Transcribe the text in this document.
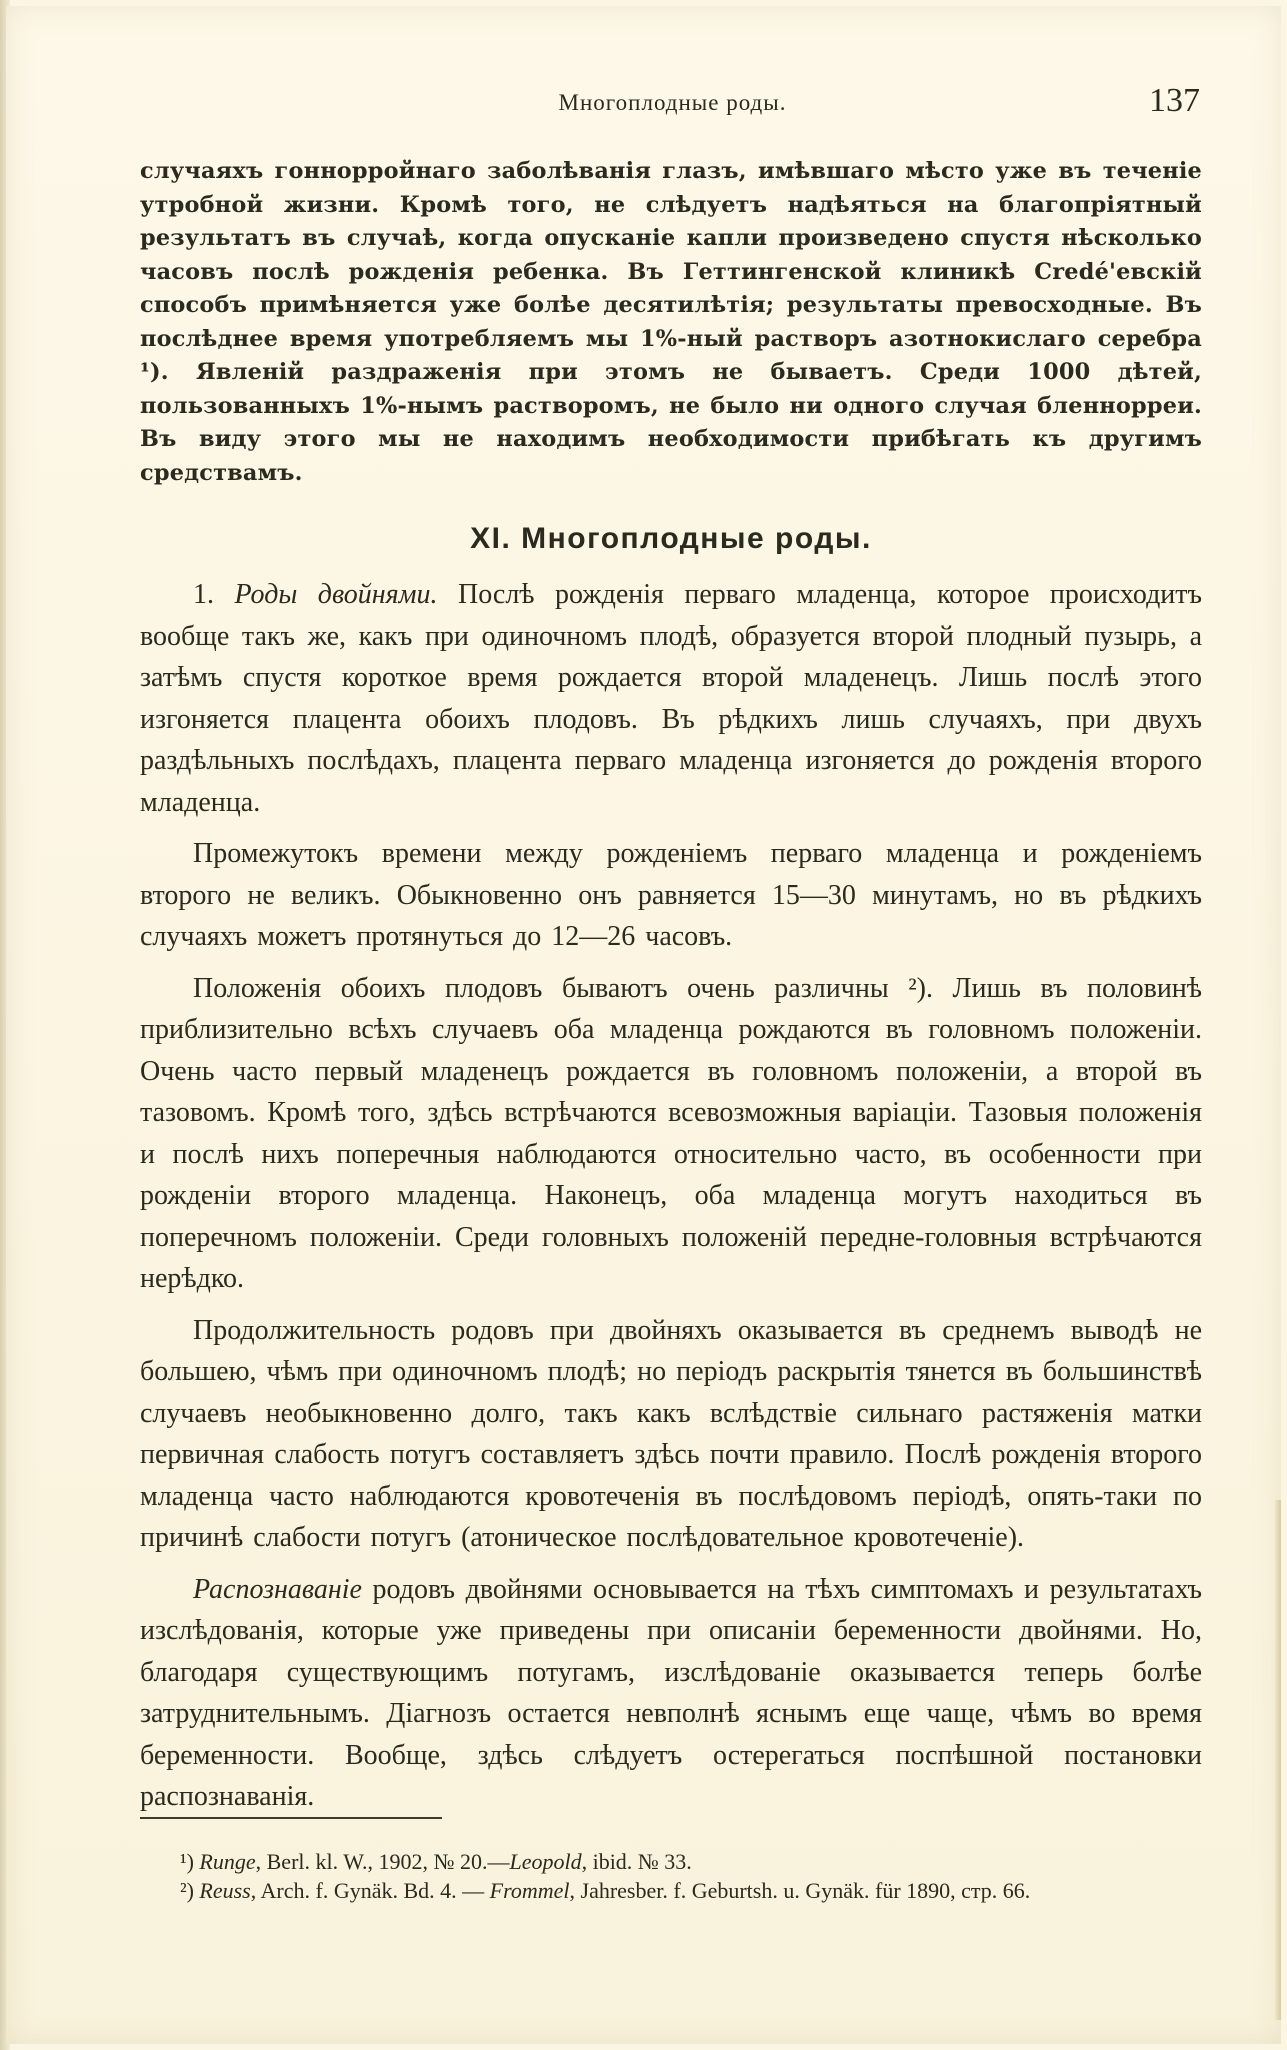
Многоплодные роды.	137

случаяхъ гоннорройнаго заболѣванія глазъ, имѣвшаго мѣсто уже въ теченіе утробной жизни. Кромѣ того, не слѣдуетъ надѣяться на благопріятный результатъ въ случаѣ, когда опусканіе капли произведено спустя нѣсколько часовъ послѣ рожденія ребенка. Въ Геттингенской клиникѣ Credé'евскій способъ примѣняется уже болѣе десятилѣтія; результаты превосходные. Въ послѣднее время употребляемъ мы 1%-ный растворъ азотнокислаго серебра ¹). Явленій раздраженія при этомъ не бываетъ. Среди 1000 дѣтей, пользованныхъ 1%-нымъ растворомъ, не было ни одного случая бленнорреи. Въ виду этого мы не находимъ необходимости прибѣгать къ другимъ средствамъ.

XI. Многоплодные роды.

1. Роды двойнями. Послѣ рожденія перваго младенца, которое происходитъ вообще такъ же, какъ при одиночномъ плодѣ, образуется второй плодный пузырь, а затѣмъ спустя короткое время рождается второй младенецъ. Лишь послѣ этого изгоняется плацента обоихъ плодовъ. Въ рѣдкихъ лишь случаяхъ, при двухъ раздѣльныхъ послѣдахъ, плацента перваго младенца изгоняется до рожденія второго младенца.

Промежутокъ времени между рожденіемъ перваго младенца и рожденіемъ второго не великъ. Обыкновенно онъ равняется 15—30 минутамъ, но въ рѣдкихъ случаяхъ можетъ протянуться до 12—26 часовъ.

Положенія обоихъ плодовъ бываютъ очень различны ²). Лишь въ половинѣ приблизительно всѣхъ случаевъ оба младенца рождаются въ головномъ положеніи. Очень часто первый младенецъ рождается въ головномъ положеніи, а второй въ тазовомъ. Кромѣ того, здѣсь встрѣчаются всевозможныя варіаціи. Тазовыя положенія и послѣ нихъ поперечныя наблюдаются относительно часто, въ особенности при рожденіи второго младенца. Наконецъ, оба младенца могутъ находиться въ поперечномъ положеніи. Среди головныхъ положеній передне-головныя встрѣчаются нерѣдко.

Продолжительность родовъ при двойняхъ оказывается въ среднемъ выводѣ не большею, чѣмъ при одиночномъ плодѣ; но періодъ раскрытія тянется въ большинствѣ случаевъ необыкновенно долго, такъ какъ вслѣдствіе сильнаго растяженія матки первичная слабость потугъ составляетъ здѣсь почти правило. Послѣ рожденія второго младенца часто наблюдаются кровотеченія въ послѣдовомъ періодѣ, опять-таки по причинѣ слабости потугъ (атоническое послѣдовательное кровотеченіе).

Распознаваніе родовъ двойнями основывается на тѣхъ симптомахъ и результатахъ изслѣдованія, которые уже приведены при описаніи беременности двойнями. Но, благодаря существующимъ потугамъ, изслѣдованіе оказывается теперь болѣе затруднительнымъ. Діагнозъ остается невполнѣ яснымъ еще чаще, чѣмъ во время беременности. Вообще, здѣсь слѣдуетъ остерегаться поспѣшной постановки распознаванія.

¹) Runge, Berl. kl. W., 1902, № 20.—Leopold, ibid. № 33.

²) Reuss, Arch. f. Gynäk. Bd. 4. — Frommel, Jahresber. f. Geburtsh. u. Gynäk. für 1890, стр. 66.
